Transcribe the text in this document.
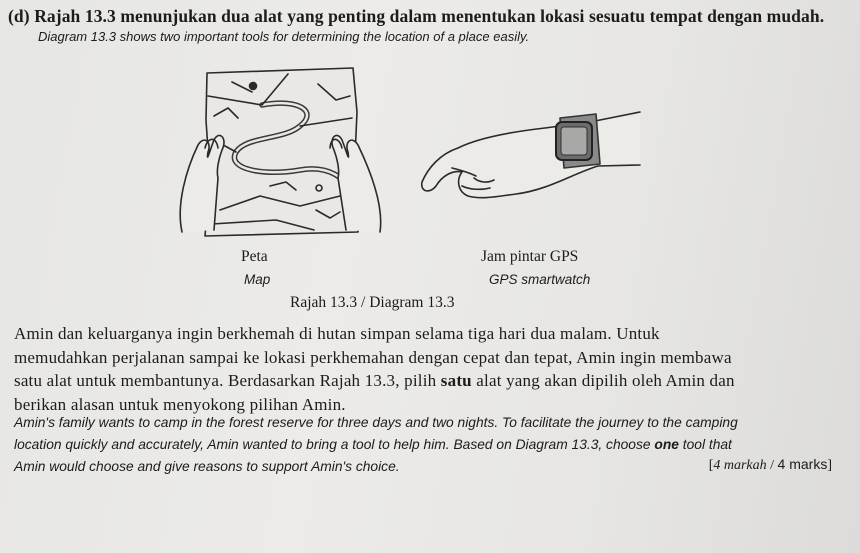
(d) Rajah 13.3 menunjukan dua alat yang penting dalam menentukan lokasi sesuatu tempat dengan mudah.
Diagram 13.3 shows two important tools for determining the location of a place easily.
Peta
Map
Jam pintar GPS
GPS smartwatch
Rajah 13.3 / Diagram 13.3
Amin dan keluarganya ingin berkhemah di hutan simpan selama tiga hari dua malam. Untuk
memudahkan perjalanan sampai ke lokasi perkhemahan dengan cepat dan tepat, Amin ingin membawa
satu alat untuk membantunya. Berdasarkan Rajah 13.3, pilih satu alat yang akan dipilih oleh Amin dan
berikan alasan untuk menyokong pilihan Amin.
Amin's family wants to camp in the forest reserve for three days and two nights. To facilitate the journey to the camping
location quickly and accurately, Amin wanted to bring a tool to help him. Based on Diagram 13.3, choose one tool that
Amin would choose and give reasons to support Amin's choice.	[4 markah / 4 marks]
